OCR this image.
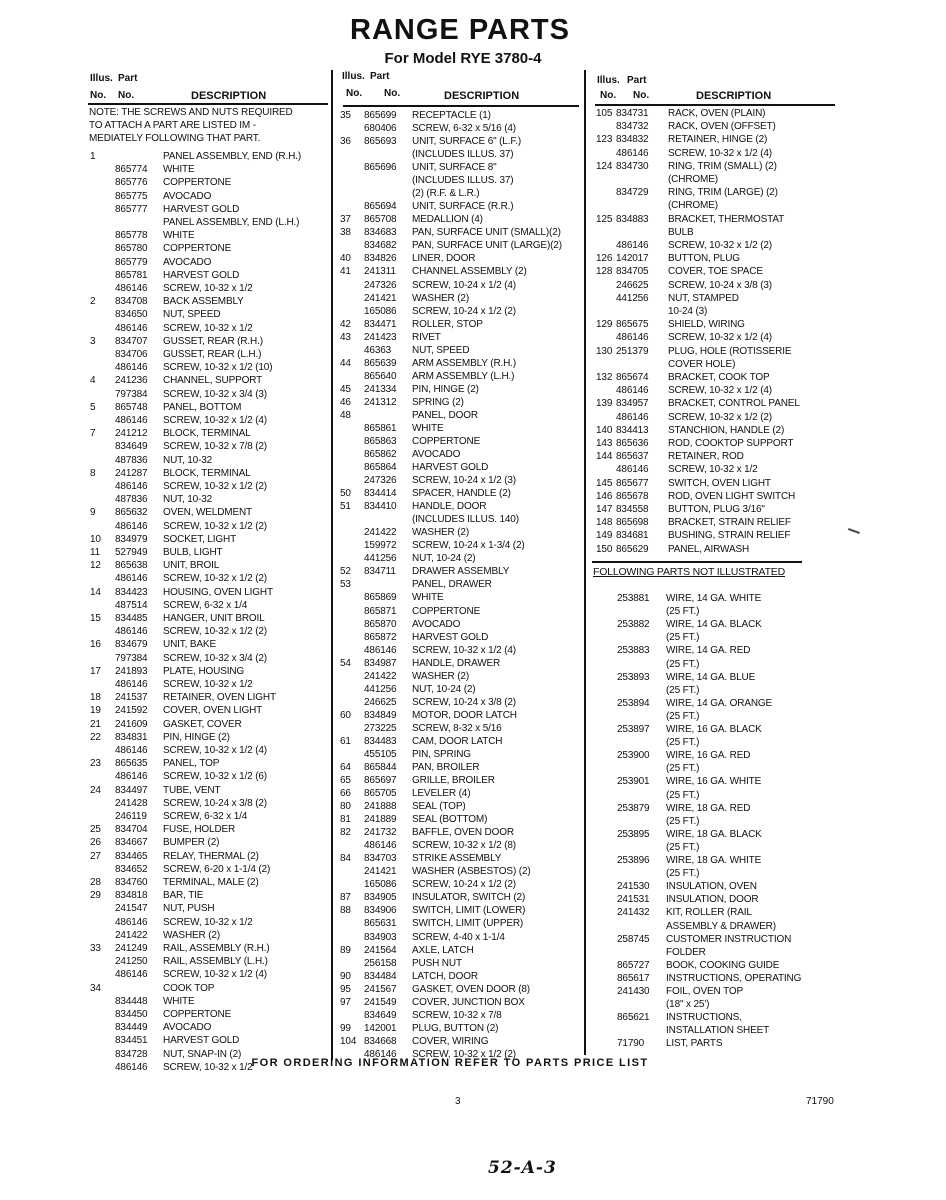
RANGE PARTS
For Model RYE 3780-4
Illus. Part
No. No.	DESCRIPTION
Illus. Part
No. No.	DESCRIPTION
Illus. Part
No. No.	DESCRIPTION
NOTE: THE SCREWS AND NUTS REQUIRED
TO ATTACH A PART ARE LISTED IM -
MEDIATELY FOLLOWING THAT PART.
1	PANEL ASSEMBLY, END (R.H.)
865774 WHITE
865776 COPPERTONE
865775 AVOCADO
865777 HARVEST GOLD
PANEL ASSEMBLY, END (L.H.)
865778 WHITE
865780 COPPERTONE
865779 AVOCADO
865781 HARVEST GOLD
486146 SCREW, 10-32 x 1/2
2 834708 BACK ASSEMBLY
834650 NUT, SPEED
486146 SCREW, 10-32 x 1/2
3 834707 GUSSET, REAR (R.H.)
834706 GUSSET, REAR (L.H.)
486146 SCREW, 10-32 x 1/2 (10)
4 241236 CHANNEL, SUPPORT
797384 SCREW, 10-32 x 3/4 (3)
5 865748 PANEL, BOTTOM
486146 SCREW, 10-32 x 1/2 (4)
7 241212 BLOCK, TERMINAL
834649 SCREW, 10-32 x 7/8 (2)
487836 NUT, 10-32
8 241287 BLOCK, TERMINAL
486146 SCREW, 10-32 x 1/2 (2)
487836 NUT, 10-32
9 865632 OVEN, WELDMENT
486146 SCREW, 10-32 x 1/2 (2)
10 834979 SOCKET, LIGHT
11 527949 BULB, LIGHT
12 865638 UNIT, BROIL
486146 SCREW, 10-32 x 1/2 (2)
14 834423 HOUSING, OVEN LIGHT
487514 SCREW, 6-32 x 1/4
15 834485 HANGER, UNIT BROIL
486146 SCREW, 10-32 x 1/2 (2)
16 834679 UNIT, BAKE
797384 SCREW, 10-32 x 3/4 (2)
17 241893 PLATE, HOUSING
486146 SCREW, 10-32 x 1/2
18 241537 RETAINER, OVEN LIGHT
19 241592 COVER, OVEN LIGHT
21 241609 GASKET, COVER
22 834831 PIN, HINGE (2)
486146 SCREW, 10-32 x 1/2 (4)
23 865635 PANEL, TOP
486146 SCREW, 10-32 x 1/2 (6)
24 834497 TUBE, VENT
241428 SCREW, 10-24 x 3/8 (2)
246119 SCREW, 6-32 x 1/4
25 834704 FUSE, HOLDER
26 834667 BUMPER (2)
27 834465 RELAY, THERMAL (2)
834652 SCREW, 6-20 x 1-1/4 (2)
28 834760 TERMINAL, MALE (2)
29 834818 BAR, TIE
241547 NUT, PUSH
486146 SCREW, 10-32 x 1/2
241422 WASHER (2)
33 241249 RAIL, ASSEMBLY (R.H.)
241250 RAIL, ASSEMBLY (L.H.)
486146 SCREW, 10-32 x 1/2 (4)
34	COOK TOP
834448 WHITE
834450 COPPERTONE
834449 AVOCADO
834451 HARVEST GOLD
834728 NUT, SNAP-IN (2)
486146 SCREW, 10-32 x 1/2
35 865699 RECEPTACLE (1)
680406 SCREW, 6-32 x 5/16 (4)
36 865693 UNIT, SURFACE 6" (L.F.)
(INCLUDES ILLUS. 37)
865696 UNIT, SURFACE 8"
(INCLUDES ILLUS. 37)
(2) (R.F. & L.R.)
865694 UNIT, SURFACE (R.R.)
37 865708 MEDALLION (4)
38 834683 PAN, SURFACE UNIT (SMALL)(2)
834682 PAN, SURFACE UNIT (LARGE)(2)
40 834826 LINER, DOOR
41 241311 CHANNEL ASSEMBLY (2)
247326 SCREW, 10-24 x 1/2 (4)
241421 WASHER (2)
165086 SCREW, 10-24 x 1/2 (2)
42 834471 ROLLER, STOP
43 241423 RIVET
46363 NUT, SPEED
44 865639 ARM ASSEMBLY (R.H.)
865640 ARM ASSEMBLY (L.H.)
45 241334 PIN, HINGE (2)
46 241312 SPRING (2)
48	PANEL, DOOR
865861 WHITE
865863 COPPERTONE
865862 AVOCADO
865864 HARVEST GOLD
247326 SCREW, 10-24 x 1/2 (3)
50 834414 SPACER, HANDLE (2)
51 834410 HANDLE, DOOR
(INCLUDES ILLUS. 140)
241422 WASHER (2)
159972 SCREW, 10-24 x 1-3/4 (2)
441256 NUT, 10-24 (2)
52 834711 DRAWER ASSEMBLY
53	PANEL, DRAWER
865869 WHITE
865871 COPPERTONE
865870 AVOCADO
865872 HARVEST GOLD
486146 SCREW, 10-32 x 1/2 (4)
54 834987 HANDLE, DRAWER
241422 WASHER (2)
441256 NUT, 10-24 (2)
246625 SCREW, 10-24 x 3/8 (2)
60 834849 MOTOR, DOOR LATCH
273225 SCREW, 8-32 x 5/16
61 834483 CAM, DOOR LATCH
455105 PIN, SPRING
64 865844 PAN, BROILER
65 865697 GRILLE, BROILER
66 865705 LEVELER (4)
80 241888 SEAL (TOP)
81 241889 SEAL (BOTTOM)
82 241732 BAFFLE, OVEN DOOR
486146 SCREW, 10-32 x 1/2 (8)
84 834703 STRIKE ASSEMBLY
241421 WASHER (ASBESTOS) (2)
165086 SCREW, 10-24 x 1/2 (2)
87 834905 INSULATOR, SWITCH (2)
88 834906 SWITCH, LIMIT (LOWER)
865631 SWITCH, LIMIT (UPPER)
834903 SCREW, 4-40 x 1-1/4
89 241564 AXLE, LATCH
256158 PUSH NUT
90 834484 LATCH, DOOR
95 241567 GASKET, OVEN DOOR (8)
97 241549 COVER, JUNCTION BOX
834649 SCREW, 10-32 x 7/8
99 142001 PLUG, BUTTON (2)
104 834668 COVER, WIRING
486146 SCREW, 10-32 x 1/2 (2)
105 834731 RACK, OVEN (PLAIN)
834732 RACK, OVEN (OFFSET)
123 834832 RETAINER, HINGE (2)
486146 SCREW, 10-32 x 1/2 (4)
124 834730 RING, TRIM (SMALL) (2)
(CHROME)
834729 RING, TRIM (LARGE) (2)
(CHROME)
125 834883 BRACKET, THERMOSTAT
BULB
486146 SCREW, 10-32 x 1/2 (2)
126 142017 BUTTON, PLUG
128 834705 COVER, TOE SPACE
246625 SCREW, 10-24 x 3/8 (3)
441256 NUT, STAMPED
10-24 (3)
129 865675 SHIELD, WIRING
486146 SCREW, 10-32 x 1/2 (4)
130 251379 PLUG, HOLE (ROTISSERIE
COVER HOLE)
132 865674 BRACKET, COOK TOP
486146 SCREW, 10-32 x 1/2 (4)
139 834957 BRACKET, CONTROL PANEL
486146 SCREW, 10-32 x 1/2 (2)
140 834413 STANCHION, HANDLE (2)
143 865636 ROD, COOKTOP SUPPORT
144 865637 RETAINER, ROD
486146 SCREW, 10-32 x 1/2
145 865677 SWITCH, OVEN LIGHT
146 865678 ROD, OVEN LIGHT SWITCH
147 834558 BUTTON, PLUG 3/16"
148 865698 BRACKET, STRAIN RELIEF
149 834681 BUSHING, STRAIN RELIEF
150 865629 PANEL, AIRWASH
FOLLOWING PARTS NOT ILLUSTRATED
253881 WIRE, 14 GA. WHITE
(25 FT.)
253882 WIRE, 14 GA. BLACK
(25 FT.)
253883 WIRE, 14 GA. RED
(25 FT.)
253893 WIRE, 14 GA. BLUE
(25 FT.)
253894 WIRE, 14 GA. ORANGE
(25 FT.)
253897 WIRE, 16 GA. BLACK
(25 FT.)
253900 WIRE, 16 GA. RED
(25 FT.)
253901 WIRE, 16 GA. WHITE
(25 FT.)
253879 WIRE, 18 GA. RED
(25 FT.)
253895 WIRE, 18 GA. BLACK
(25 FT.)
253896 WIRE, 18 GA. WHITE
(25 FT.)
241530 INSULATION, OVEN
241531 INSULATION, DOOR
241432 KIT, ROLLER (RAIL
ASSEMBLY & DRAWER)
258745 CUSTOMER INSTRUCTION
FOLDER
865727 BOOK, COOKING GUIDE
865617 INSTRUCTIONS, OPERATING
241430 FOIL, OVEN TOP
(18" x 25')
865621 INSTRUCTIONS,
INSTALLATION SHEET
71790 LIST, PARTS
FOR ORDERING INFORMATION REFER TO PARTS PRICE LIST
3	71790
52-A-3
